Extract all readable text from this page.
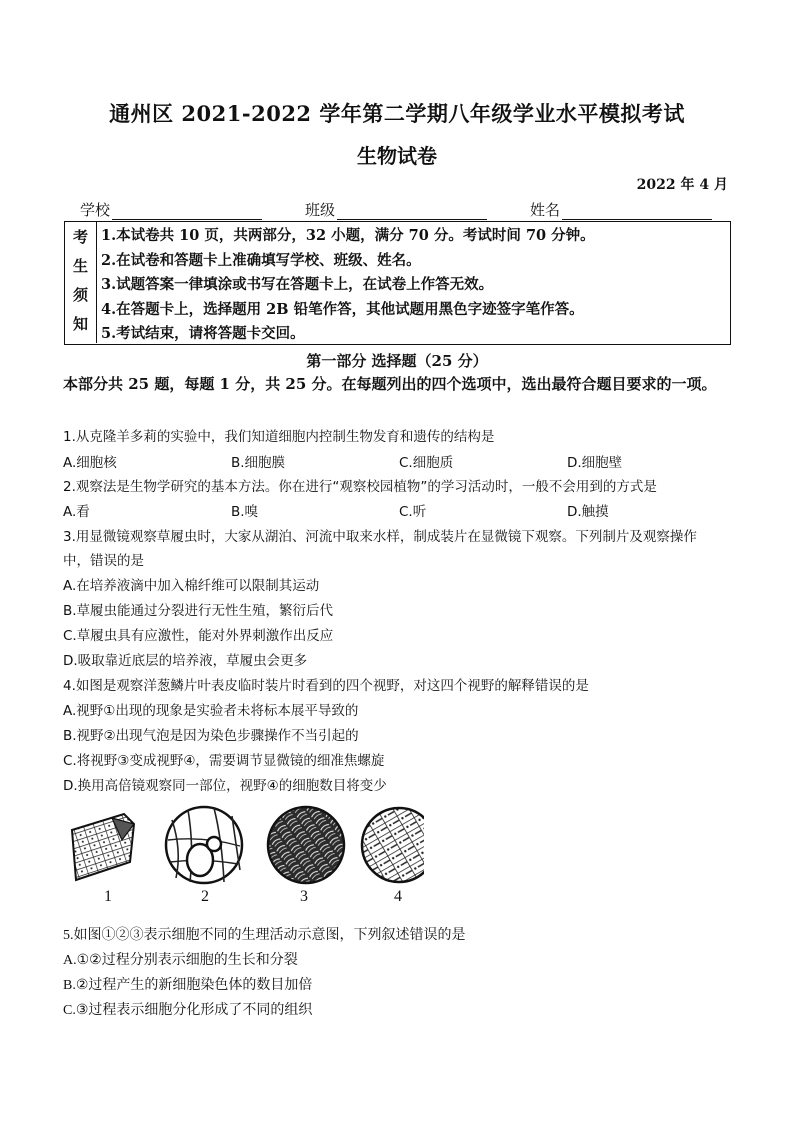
通州区 2021-2022 学年第二学期八年级学业水平模拟考试
生物试卷
2022 年 4 月
学校	班级	姓名
考
生
须
知
1.本试卷共 10 页，共两部分，32 小题，满分 70 分。考试时间 70 分钟。
2.在试卷和答题卡上准确填写学校、班级、姓名。
3.试题答案一律填涂或书写在答题卡上，在试卷上作答无效。
4.在答题卡上，选择题用 2B 铅笔作答，其他试题用黑色字迹签字笔作答。
5.考试结束，请将答题卡交回。
第一部分 选择题（25 分）
本部分共 25 题，每题 1 分，共 25 分。在每题列出的四个选项中，选出最符合题目要求的一项。
1.从克隆羊多莉的实验中，我们知道细胞内控制生物发育和遗传的结构是
A.细胞核	B.细胞膜	C.细胞质	D.细胞壁
2.观察法是生物学研究的基本方法。你在进行“观察校园植物”的学习活动时，一般不会用到的方式是
A.看	B.嗅	C.听	D.触摸
3.用显微镜观察草履虫时，大家从湖泊、河流中取来水样，制成装片在显微镜下观察。下列制片及观察操作
中，错误的是
A.在培养液滴中加入棉纤维可以限制其运动
B.草履虫能通过分裂进行无性生殖，繁衍后代
C.草履虫具有应激性，能对外界刺激作出反应
D.吸取靠近底层的培养液，草履虫会更多
4.如图是观察洋葱鳞片叶表皮临时装片时看到的四个视野，对这四个视野的解释错误的是
A.视野①出现的现象是实验者未将标本展平导致的
B.视野②出现气泡是因为染色步骤操作不当引起的
C.将视野③变成视野④，需要调节显微镜的细准焦螺旋
D.换用高倍镜观察同一部位，视野④的细胞数目将变少
1	2	3	4
5.如图①②③表示细胞不同的生理活动示意图，下列叙述错误的是
A.①②过程分别表示细胞的生长和分裂
B.②过程产生的新细胞染色体的数目加倍
C.③过程表示细胞分化形成了不同的组织
